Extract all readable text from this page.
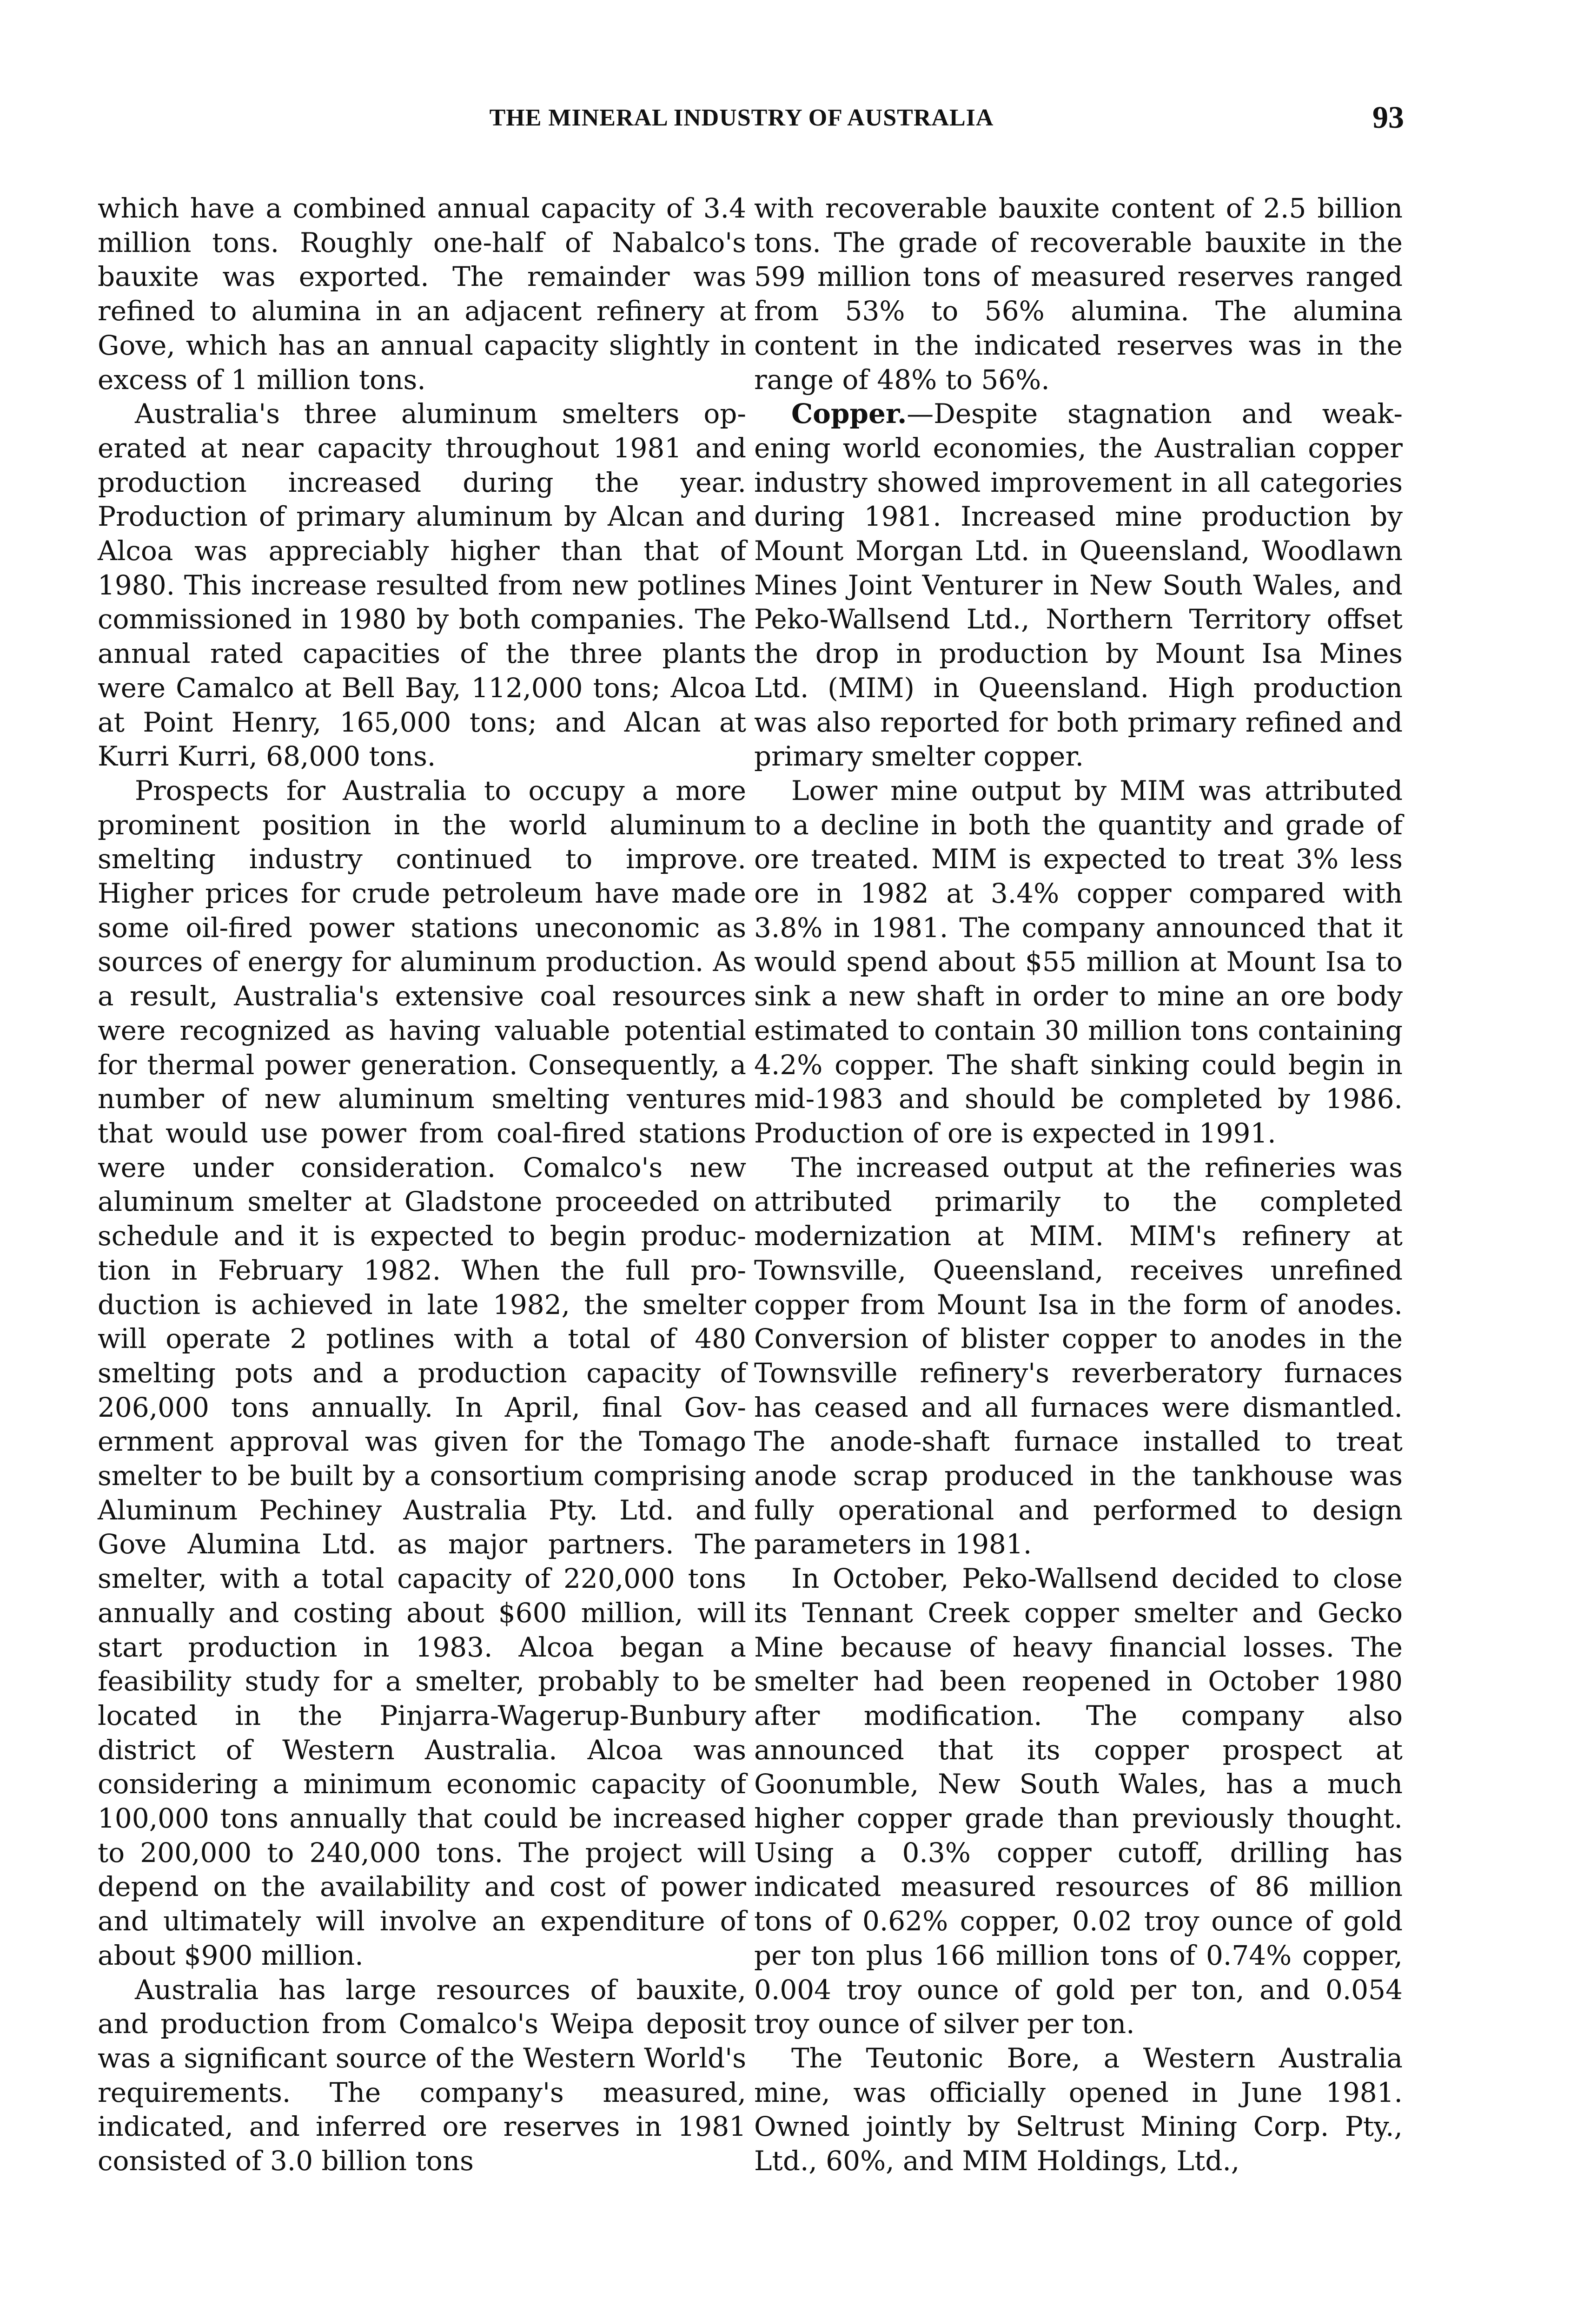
THE MINERAL INDUSTRY OF AUSTRALIA	93

which have a combined annual capacity of 3.4 million tons. Roughly one-half of Nabalco's bauxite was exported. The remainder was refined to alumina in an adjacent refinery at Gove, which has an annual capacity slightly in excess of 1 million tons.

Australia's three aluminum smelters operated at near capacity throughout 1981 and production increased during the year. Production of primary aluminum by Alcan and Alcoa was appreciably higher than that of 1980. This increase resulted from new potlines commissioned in 1980 by both companies. The annual rated capacities of the three plants were Camalco at Bell Bay, 112,000 tons; Alcoa at Point Henry, 165,000 tons; and Alcan at Kurri Kurri, 68,000 tons.

Prospects for Australia to occupy a more prominent position in the world aluminum smelting industry continued to improve. Higher prices for crude petroleum have made some oil-fired power stations uneconomic as sources of energy for aluminum production. As a result, Australia's extensive coal resources were recognized as having valuable potential for thermal power generation. Consequently, a number of new aluminum smelting ventures that would use power from coal-fired stations were under consideration. Comalco's new aluminum smelter at Gladstone proceeded on schedule and it is expected to begin production in February 1982. When the full production is achieved in late 1982, the smelter will operate 2 potlines with a total of 480 smelting pots and a production capacity of 206,000 tons annually. In April, final Government approval was given for the Tomago smelter to be built by a consortium comprising Aluminum Pechiney Australia Pty. Ltd. and Gove Alumina Ltd. as major partners. The smelter, with a total capacity of 220,000 tons annually and costing about $600 million, will start production in 1983. Alcoa began a feasibility study for a smelter, probably to be located in the Pinjarra-Wagerup-Bunbury district of Western Australia. Alcoa was considering a minimum economic capacity of 100,000 tons annually that could be increased to 200,000 to 240,000 tons. The project will depend on the availability and cost of power and ultimately will involve an expenditure of about $900 million.

Australia has large resources of bauxite, and production from Comalco's Weipa deposit was a significant source of the Western World's requirements. The company's measured, indicated, and inferred ore reserves in 1981 consisted of 3.0 billion tons

with recoverable bauxite content of 2.5 billion tons. The grade of recoverable bauxite in the 599 million tons of measured reserves ranged from 53% to 56% alumina. The alumina content in the indicated reserves was in the range of 48% to 56%.

Copper.—Despite stagnation and weakening world economies, the Australian copper industry showed improvement in all categories during 1981. Increased mine production by Mount Morgan Ltd. in Queensland, Woodlawn Mines Joint Venturer in New South Wales, and Peko-Wallsend Ltd., Northern Territory offset the drop in production by Mount Isa Mines Ltd. (MIM) in Queensland. High production was also reported for both primary refined and primary smelter copper.

Lower mine output by MIM was attributed to a decline in both the quantity and grade of ore treated. MIM is expected to treat 3% less ore in 1982 at 3.4% copper compared with 3.8% in 1981. The company announced that it would spend about $55 million at Mount Isa to sink a new shaft in order to mine an ore body estimated to contain 30 million tons containing 4.2% copper. The shaft sinking could begin in mid-1983 and should be completed by 1986. Production of ore is expected in 1991.

The increased output at the refineries was attributed primarily to the completed modernization at MIM. MIM's refinery at Townsville, Queensland, receives unrefined copper from Mount Isa in the form of anodes. Conversion of blister copper to anodes in the Townsville refinery's reverberatory furnaces has ceased and all furnaces were dismantled. The anode-shaft furnace installed to treat anode scrap produced in the tankhouse was fully operational and performed to design parameters in 1981.

In October, Peko-Wallsend decided to close its Tennant Creek copper smelter and Gecko Mine because of heavy financial losses. The smelter had been reopened in October 1980 after modification. The company also announced that its copper prospect at Goonumble, New South Wales, has a much higher copper grade than previously thought. Using a 0.3% copper cutoff, drilling has indicated measured resources of 86 million tons of 0.62% copper, 0.02 troy ounce of gold per ton plus 166 million tons of 0.74% copper, 0.004 troy ounce of gold per ton, and 0.054 troy ounce of silver per ton.

The Teutonic Bore, a Western Australia mine, was officially opened in June 1981. Owned jointly by Seltrust Mining Corp. Pty., Ltd., 60%, and MIM Holdings, Ltd.,
